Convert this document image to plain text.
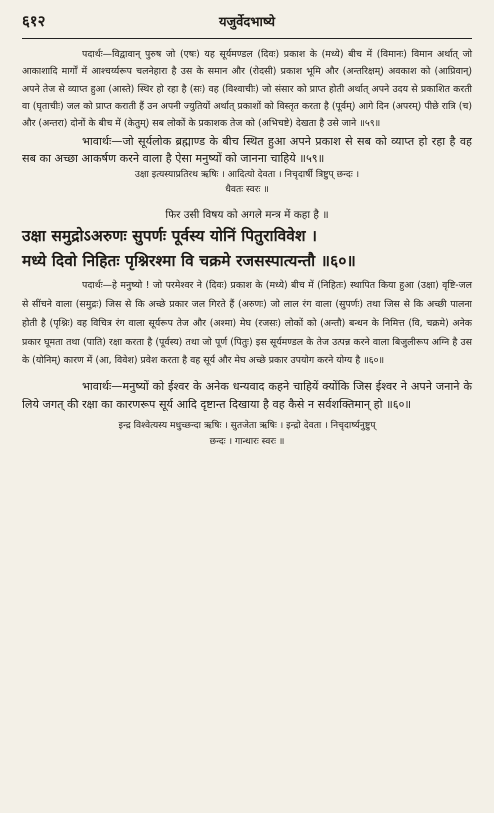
६१२	यजुर्वेदभाष्ये

पदार्थः—विद्वावान् पुरुष जो (एषः) यह सूर्यमण्डल (दिवः) प्रकाश के (मध्ये) बीच में (विमानः) विमान अर्थात् जो आकाशादि मार्गों में आश्चर्य्यरूप चलनेहारा है उस के समान और (रोदसी) प्रकाश भूमि और (अन्तरिक्षम्) अवकाश को (आप्रिवान्) अपने तेज से व्याप्त हुआ (आस्ते) स्थिर हो रहा है (सः) वह (विश्वाचीः) जो संसार को प्राप्त होती अर्थात् अपने उदय से प्रकाशित करती वा (घृताचीः) जल को प्राप्त कराती हैं उन अपनी ज्युतियों अर्थात् प्रकाशों को विस्तृत करता है (पूर्वम्) आगे दिन (अपरम्) पीछे रात्रि (च) और (अन्तरा) दोनों के बीच में (केतुम्) सब लोकों के प्रकाशक तेज को (अभिचष्टे) देखता है उसे जाने ॥५९॥

भावार्थः—जो सूर्यलोक ब्रह्माण्ड के बीच स्थित हुआ अपने प्रकाश से सब को व्याप्त हो रहा है वह सब का अच्छा आकर्षण करने वाला है ऐसा मनुष्यों को जानना चाहिये ॥५९॥

उक्षा इत्यस्याप्रतिरथ ऋषिः । आदित्यो देवता । निचृदार्षी त्रिष्टुप् छन्दः ।

धैवतः स्वरः ॥

फिर उसी विषय को अगले मन्त्र में कहा है ॥

उक्षा समुद्रोऽअरुणः सुपर्णः पूर्वस्य योनिं पितुराविवेश ।

मध्ये दिवो निहितः पृश्निरश्मा वि चक्रमे रजसस्पात्यन्तौ ॥६०॥

पदार्थः—हे मनुष्यो ! जो परमेश्वर ने (दिवः) प्रकाश के (मध्ये) बीच में (निहितः) स्थापित किया हुआ (उक्षा) वृष्टि-जल से सींचने वाला (समुद्रः) जिस से कि अच्छे प्रकार जल गिरते हैं (अरुणः) जो लाल रंग वाला (सुपर्णः) तथा जिस से कि अच्छी पालना होती है (पृश्निः) वह विचित्र रंग वाला सूर्यरूप तेज और (अश्मा) मेघ (रजसः) लोकों को (अन्तौ) बन्धन के निमित्त (वि, चक्रमे) अनेक प्रकार घूमता तथा (पाति) रक्षा करता है (पूर्वस्य) तथा जो पूर्ण (पितुः) इस सूर्यमण्डल के तेज उत्पन्न करने वाला बिजुलीरूप अग्नि है उस के (योनिम्) कारण में (आ, विवेश) प्रवेश करता है वह सूर्य और मेघ अच्छे प्रकार उपयोग करने योग्य है ॥६०॥

भावार्थः—मनुष्यों को ईश्वर के अनेक धन्यवाद कहने चाहियें क्योंकि जिस ईश्वर ने अपने जनाने के लिये जगत् की रक्षा का कारणरूप सूर्य आदि दृष्टान्त दिखाया है वह कैसे न सर्वशक्तिमान् हो ॥६०॥

इन्द्र विश्वेत्यस्य मधुच्छन्दा ऋषिः । सुतजेता ऋषिः । इन्द्रो देवता । निचृदार्ष्यनुष्टुप्

छन्दः । गान्धारः स्वरः ॥
